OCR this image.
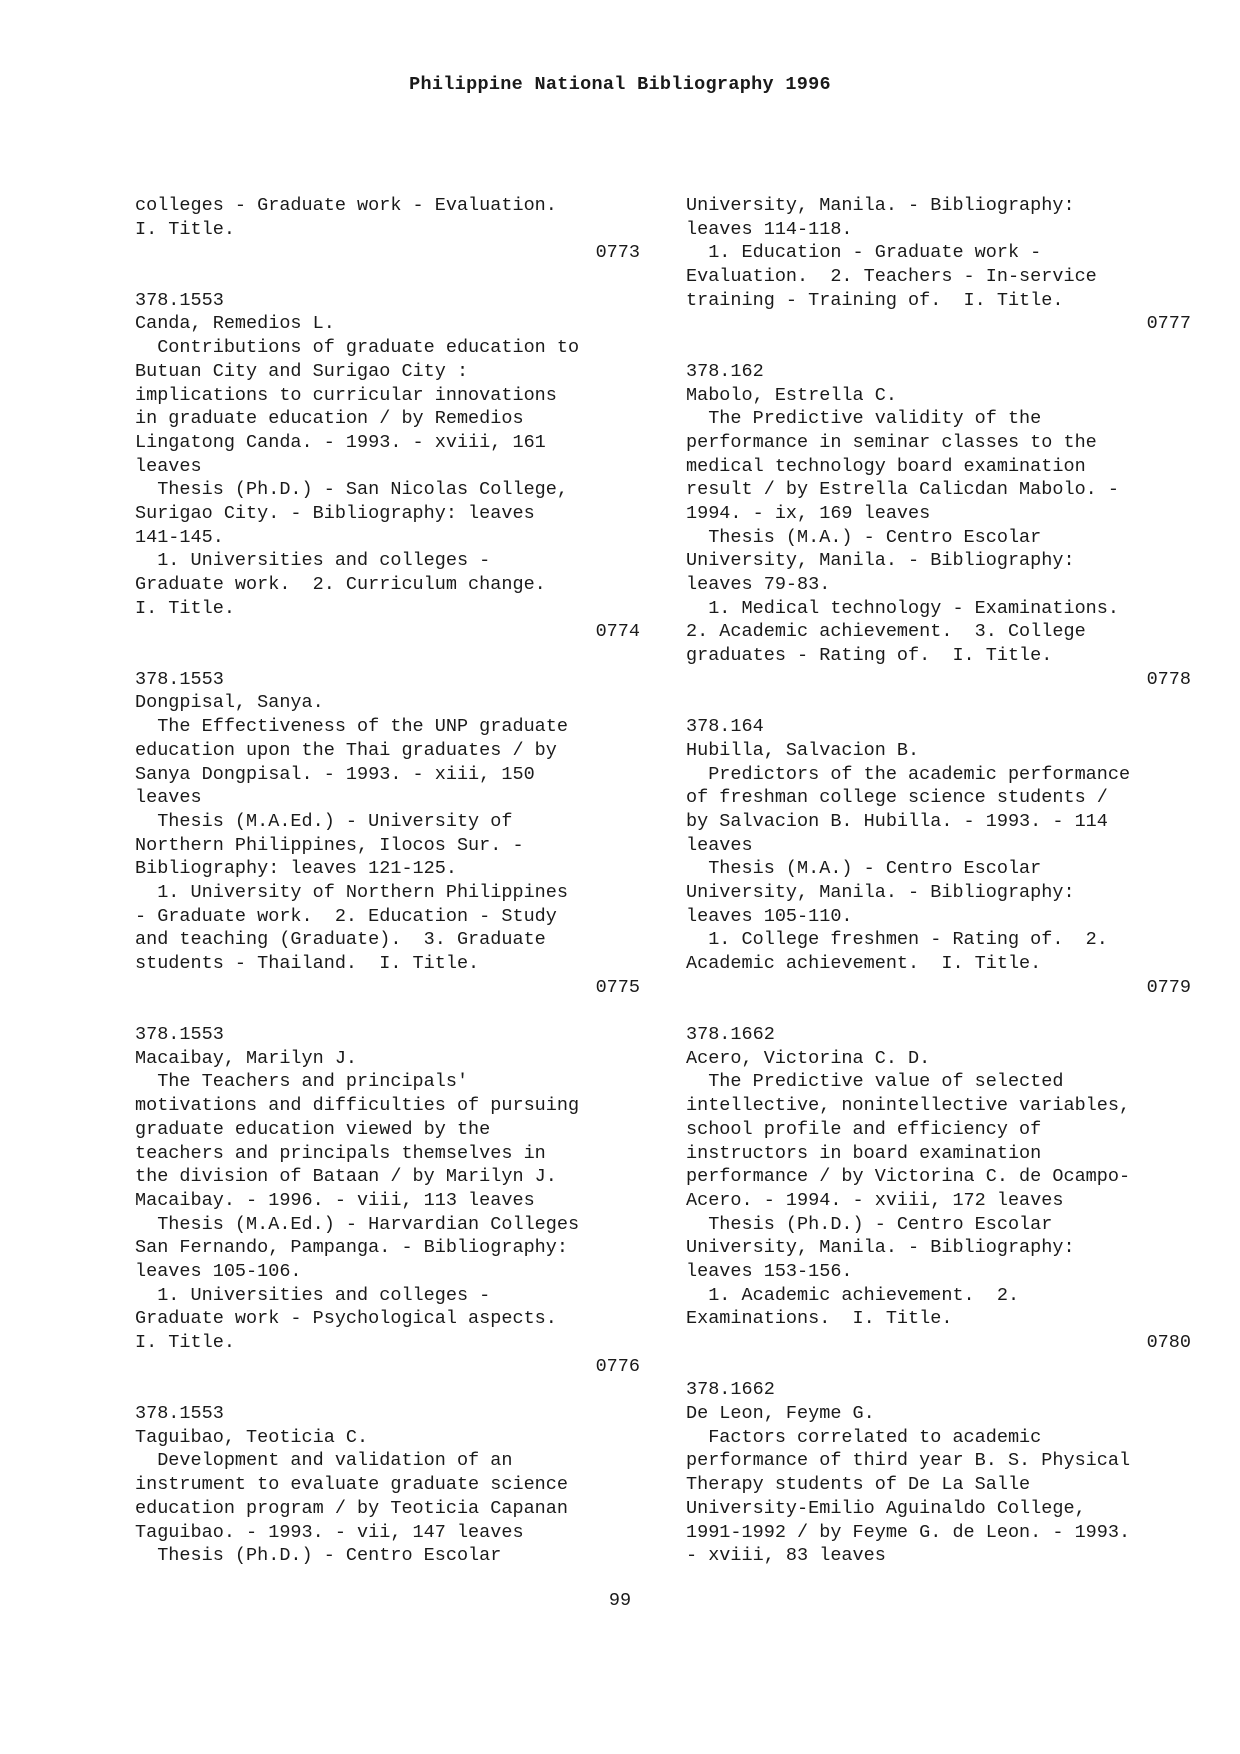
Philippine National Bibliography 1996
colleges - Graduate work - Evaluation.
I. Title.
0773
378.1553
Canda, Remedios L.
Contributions of graduate education to
Butuan City and Surigao City :
implications to curricular innovations
in graduate education / by Remedios
Lingatong Canda. - 1993. - xviii, 161
leaves
Thesis (Ph.D.) - San Nicolas College,
Surigao City. - Bibliography: leaves
141-145.
1. Universities and colleges -
Graduate work.  2. Curriculum change.
I. Title.
0774
378.1553
Dongpisal, Sanya.
The Effectiveness of the UNP graduate
education upon the Thai graduates / by
Sanya Dongpisal. - 1993. - xiii, 150
leaves
Thesis (M.A.Ed.) - University of
Northern Philippines, Ilocos Sur. -
Bibliography: leaves 121-125.
1. University of Northern Philippines
- Graduate work.  2. Education - Study
and teaching (Graduate).  3. Graduate
students - Thailand.  I. Title.
0775
378.1553
Macaibay, Marilyn J.
The Teachers and principals'
motivations and difficulties of pursuing
graduate education viewed by the
teachers and principals themselves in
the division of Bataan / by Marilyn J.
Macaibay. - 1996. - viii, 113 leaves
Thesis (M.A.Ed.) - Harvardian Colleges
San Fernando, Pampanga. - Bibliography:
leaves 105-106.
1. Universities and colleges -
Graduate work - Psychological aspects.
I. Title.
0776
378.1553
Taguibao, Teoticia C.
Development and validation of an
instrument to evaluate graduate science
education program / by Teoticia Capanan
Taguibao. - 1993. - vii, 147 leaves
Thesis (Ph.D.) - Centro Escolar
University, Manila. - Bibliography:
leaves 114-118.
1. Education - Graduate work -
Evaluation.  2. Teachers - In-service
training - Training of.  I. Title.
0777
378.162
Mabolo, Estrella C.
The Predictive validity of the
performance in seminar classes to the
medical technology board examination
result / by Estrella Calicdan Mabolo. -
1994. - ix, 169 leaves
Thesis (M.A.) - Centro Escolar
University, Manila. - Bibliography:
leaves 79-83.
1. Medical technology - Examinations.
2. Academic achievement.  3. College
graduates - Rating of.  I. Title.
0778
378.164
Hubilla, Salvacion B.
Predictors of the academic performance
of freshman college science students /
by Salvacion B. Hubilla. - 1993. - 114
leaves
Thesis (M.A.) - Centro Escolar
University, Manila. - Bibliography:
leaves 105-110.
1. College freshmen - Rating of.  2.
Academic achievement.  I. Title.
0779
378.1662
Acero, Victorina C. D.
The Predictive value of selected
intellective, nonintellective variables,
school profile and efficiency of
instructors in board examination
performance / by Victorina C. de Ocampo-
Acero. - 1994. - xviii, 172 leaves
Thesis (Ph.D.) - Centro Escolar
University, Manila. - Bibliography:
leaves 153-156.
1. Academic achievement.  2.
Examinations.  I. Title.
0780
378.1662
De Leon, Feyme G.
Factors correlated to academic
performance of third year B. S. Physical
Therapy students of De La Salle
University-Emilio Aguinaldo College,
1991-1992 / by Feyme G. de Leon. - 1993.
- xviii, 83 leaves
99
